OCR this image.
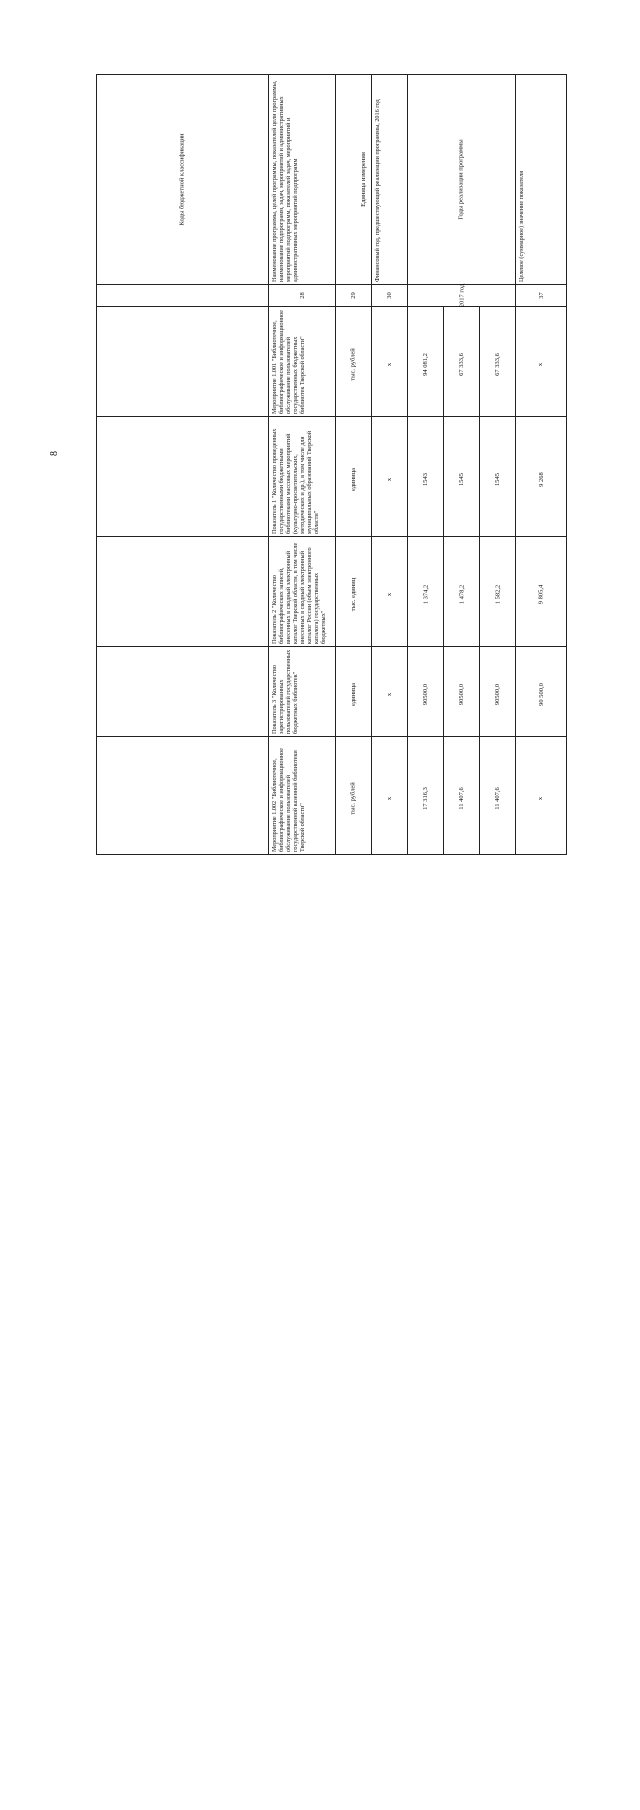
8
Коды бюджетной классификации	Наименование программы, целей программы, показателей цели программы, наименование подпрограмм, задач, мероприятий и административных мероприятий подпрограмм, показателей задач, мероприятий и административных мероприятий подпрограмм	Единица измерения	Финансовый год, предшествующий реализации программы, 2016 год	Годы реализации программы			Целевое (суммарное) значение показателя

	28	29	30	2017 год			37

	Мероприятие 1.001 "Библиотечное, библиографическое и информационное обслуживание пользователей государственных бюджетных библиотек Тверской области"	тыс. рублей	х	94 081,2	67 333,6	67 333,6	х

	Показатель 1 "Количество проведенных государственными бюджетными библиотеками массовых мероприятий (культурно-просветительских, методических и др.), в том числе для муниципальных образований Тверской области"	единица	х	1543	1545	1545	9 268

	Показатель 2 "Количество библиографических записей, внесенных в сводный электронный каталог Тверской области, в том числе внесенных в сводный электронный каталог России (объем электронного каталога) государственных бюджетных"	тыс. единиц	х	1 374,2	1 478,2	1 582,2	9 805,4

	Показатель 3 "Количество зарегистрированных пользователей государственных бюджетных библиотек"	единица	х	90500,0	90500,0	90500,0	90 500,0

	Мероприятие 1.002 "Библиотечное, библиографическое и информационное обслуживание пользователей государственной казенной библиотеки Тверской области"	тыс. рублей	х	17 316,3	11 407,6	11 407,6	х
